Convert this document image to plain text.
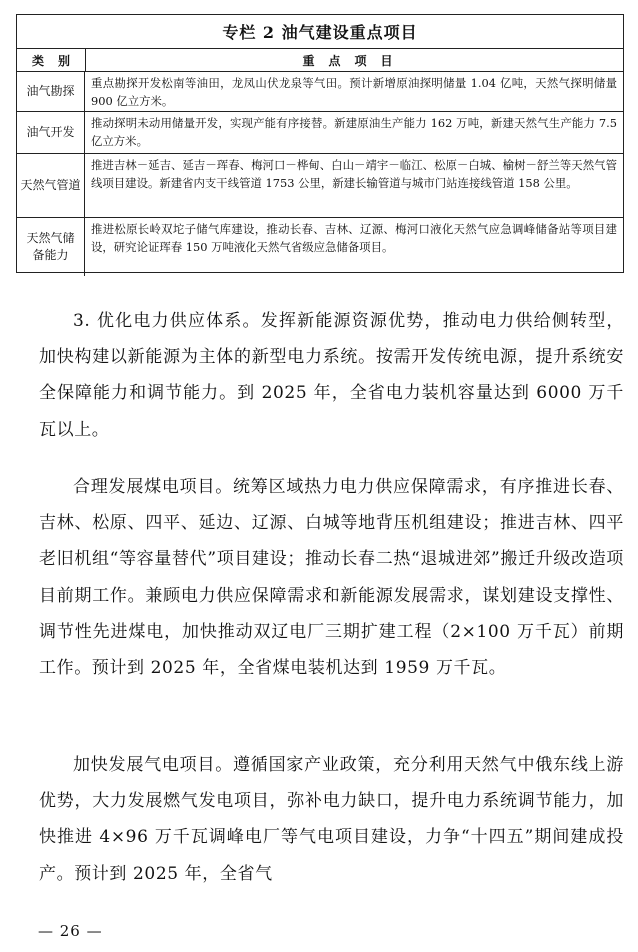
专栏 2 油气建设重点项目
类别	重点项目
油气勘探
重点勘探开发松南等油田，龙凤山伏龙泉等气田。预计新增原油探明储量 1.04 亿吨，天然气探明储量 900 亿立方米。
油气开发
推动探明未动用储量开发，实现产能有序接替。新建原油生产能力 162 万吨，新建天然气生产能力 7.5 亿立方米。
天然气管道
推进吉林－延吉、延吉－珲春、梅河口－桦甸、白山－靖宇－临江、松原－白城、榆树－舒兰等天然气管线项目建设。新建省内支干线管道 1753 公里，新建长输管道与城市门站连接线管道 158 公里。
天然气储备能力
推进松原长岭双坨子储气库建设，推动长春、吉林、辽源、梅河口液化天然气应急调峰储备站等项目建设，研究论证珲春 150 万吨液化天然气省级应急储备项目。

3. 优化电力供应体系。发挥新能源资源优势，推动电力供给侧转型，加快构建以新能源为主体的新型电力系统。按需开发传统电源，提升系统安全保障能力和调节能力。到 2025 年，全省电力装机容量达到 6000 万千瓦以上。

合理发展煤电项目。统筹区域热力电力供应保障需求，有序推进长春、吉林、松原、四平、延边、辽源、白城等地背压机组建设；推进吉林、四平老旧机组“等容量替代”项目建设；推动长春二热“退城进郊”搬迁升级改造项目前期工作。兼顾电力供应保障需求和新能源发展需求，谋划建设支撑性、调节性先进煤电，加快推动双辽电厂三期扩建工程（2×100 万千瓦）前期工作。预计到 2025 年，全省煤电装机达到 1959 万千瓦。

加快发展气电项目。遵循国家产业政策，充分利用天然气中俄东线上游优势，大力发展燃气发电项目，弥补电力缺口，提升电力系统调节能力，加快推进 4×96 万千瓦调峰电厂等气电项目建设，力争“十四五”期间建成投产。预计到 2025 年，全省气

— 26 —
